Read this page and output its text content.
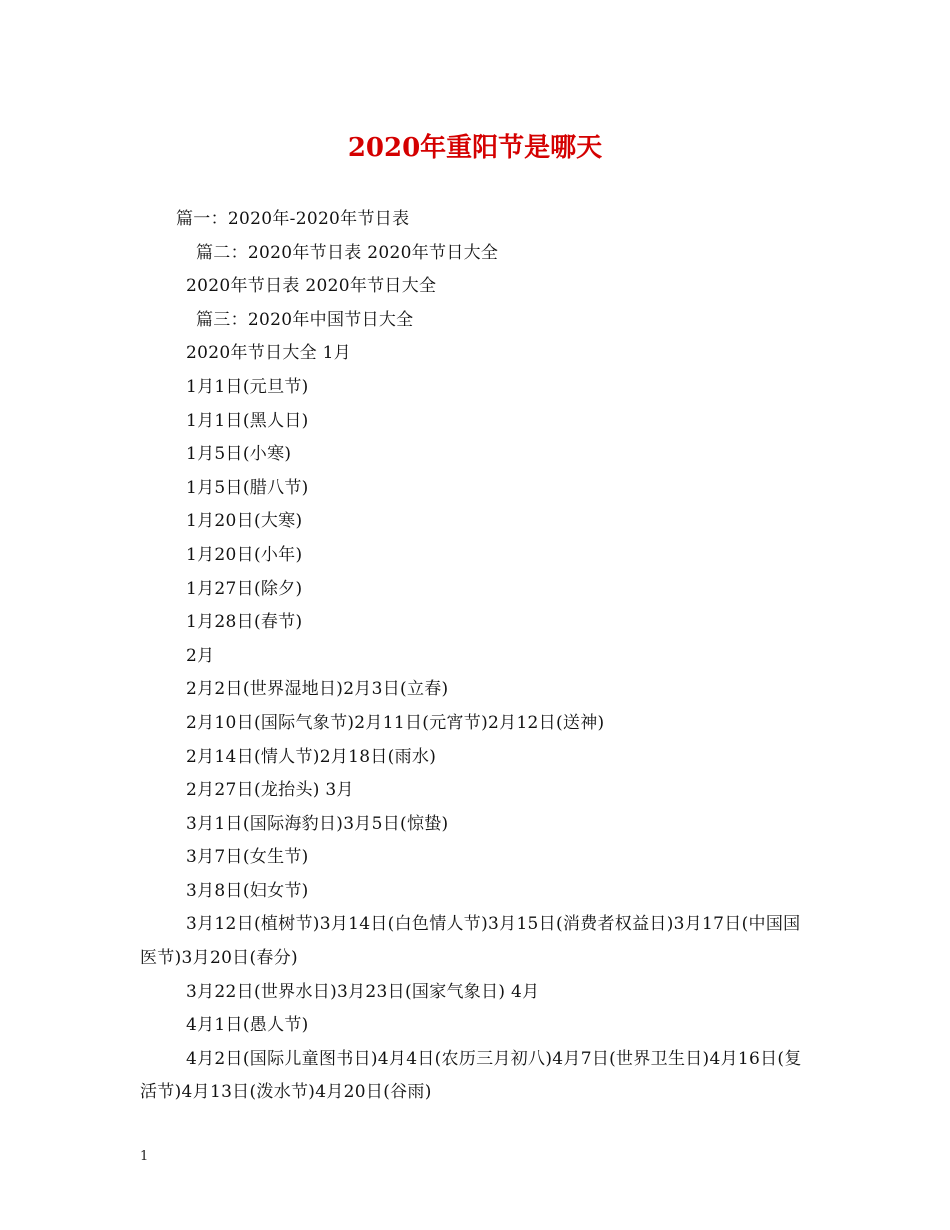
2020年重阳节是哪天

篇一：2020年-2020年节日表

篇二：2020年节日表 2020年节日大全

2020年节日表 2020年节日大全

篇三：2020年中国节日大全

2020年节日大全 1月

1月1日(元旦节)

1月1日(黑人日)

1月5日(小寒)

1月5日(腊八节)

1月20日(大寒)

1月20日(小年)

1月27日(除夕)

1月28日(春节)

2月

2月2日(世界湿地日)2月3日(立春)

2月10日(国际气象节)2月11日(元宵节)2月12日(送神)

2月14日(情人节)2月18日(雨水)

2月27日(龙抬头) 3月

3月1日(国际海豹日)3月5日(惊蛰)

3月7日(女生节)

3月8日(妇女节)

3月12日(植树节)3月14日(白色情人节)3月15日(消费者权益日)3月17日(中国国医节)3月20日(春分)

3月22日(世界水日)3月23日(国家气象日) 4月

4月1日(愚人节)

4月2日(国际儿童图书日)4月4日(农历三月初八)4月7日(世界卫生日)4月16日(复活节)4月13日(泼水节)4月20日(谷雨)

1
